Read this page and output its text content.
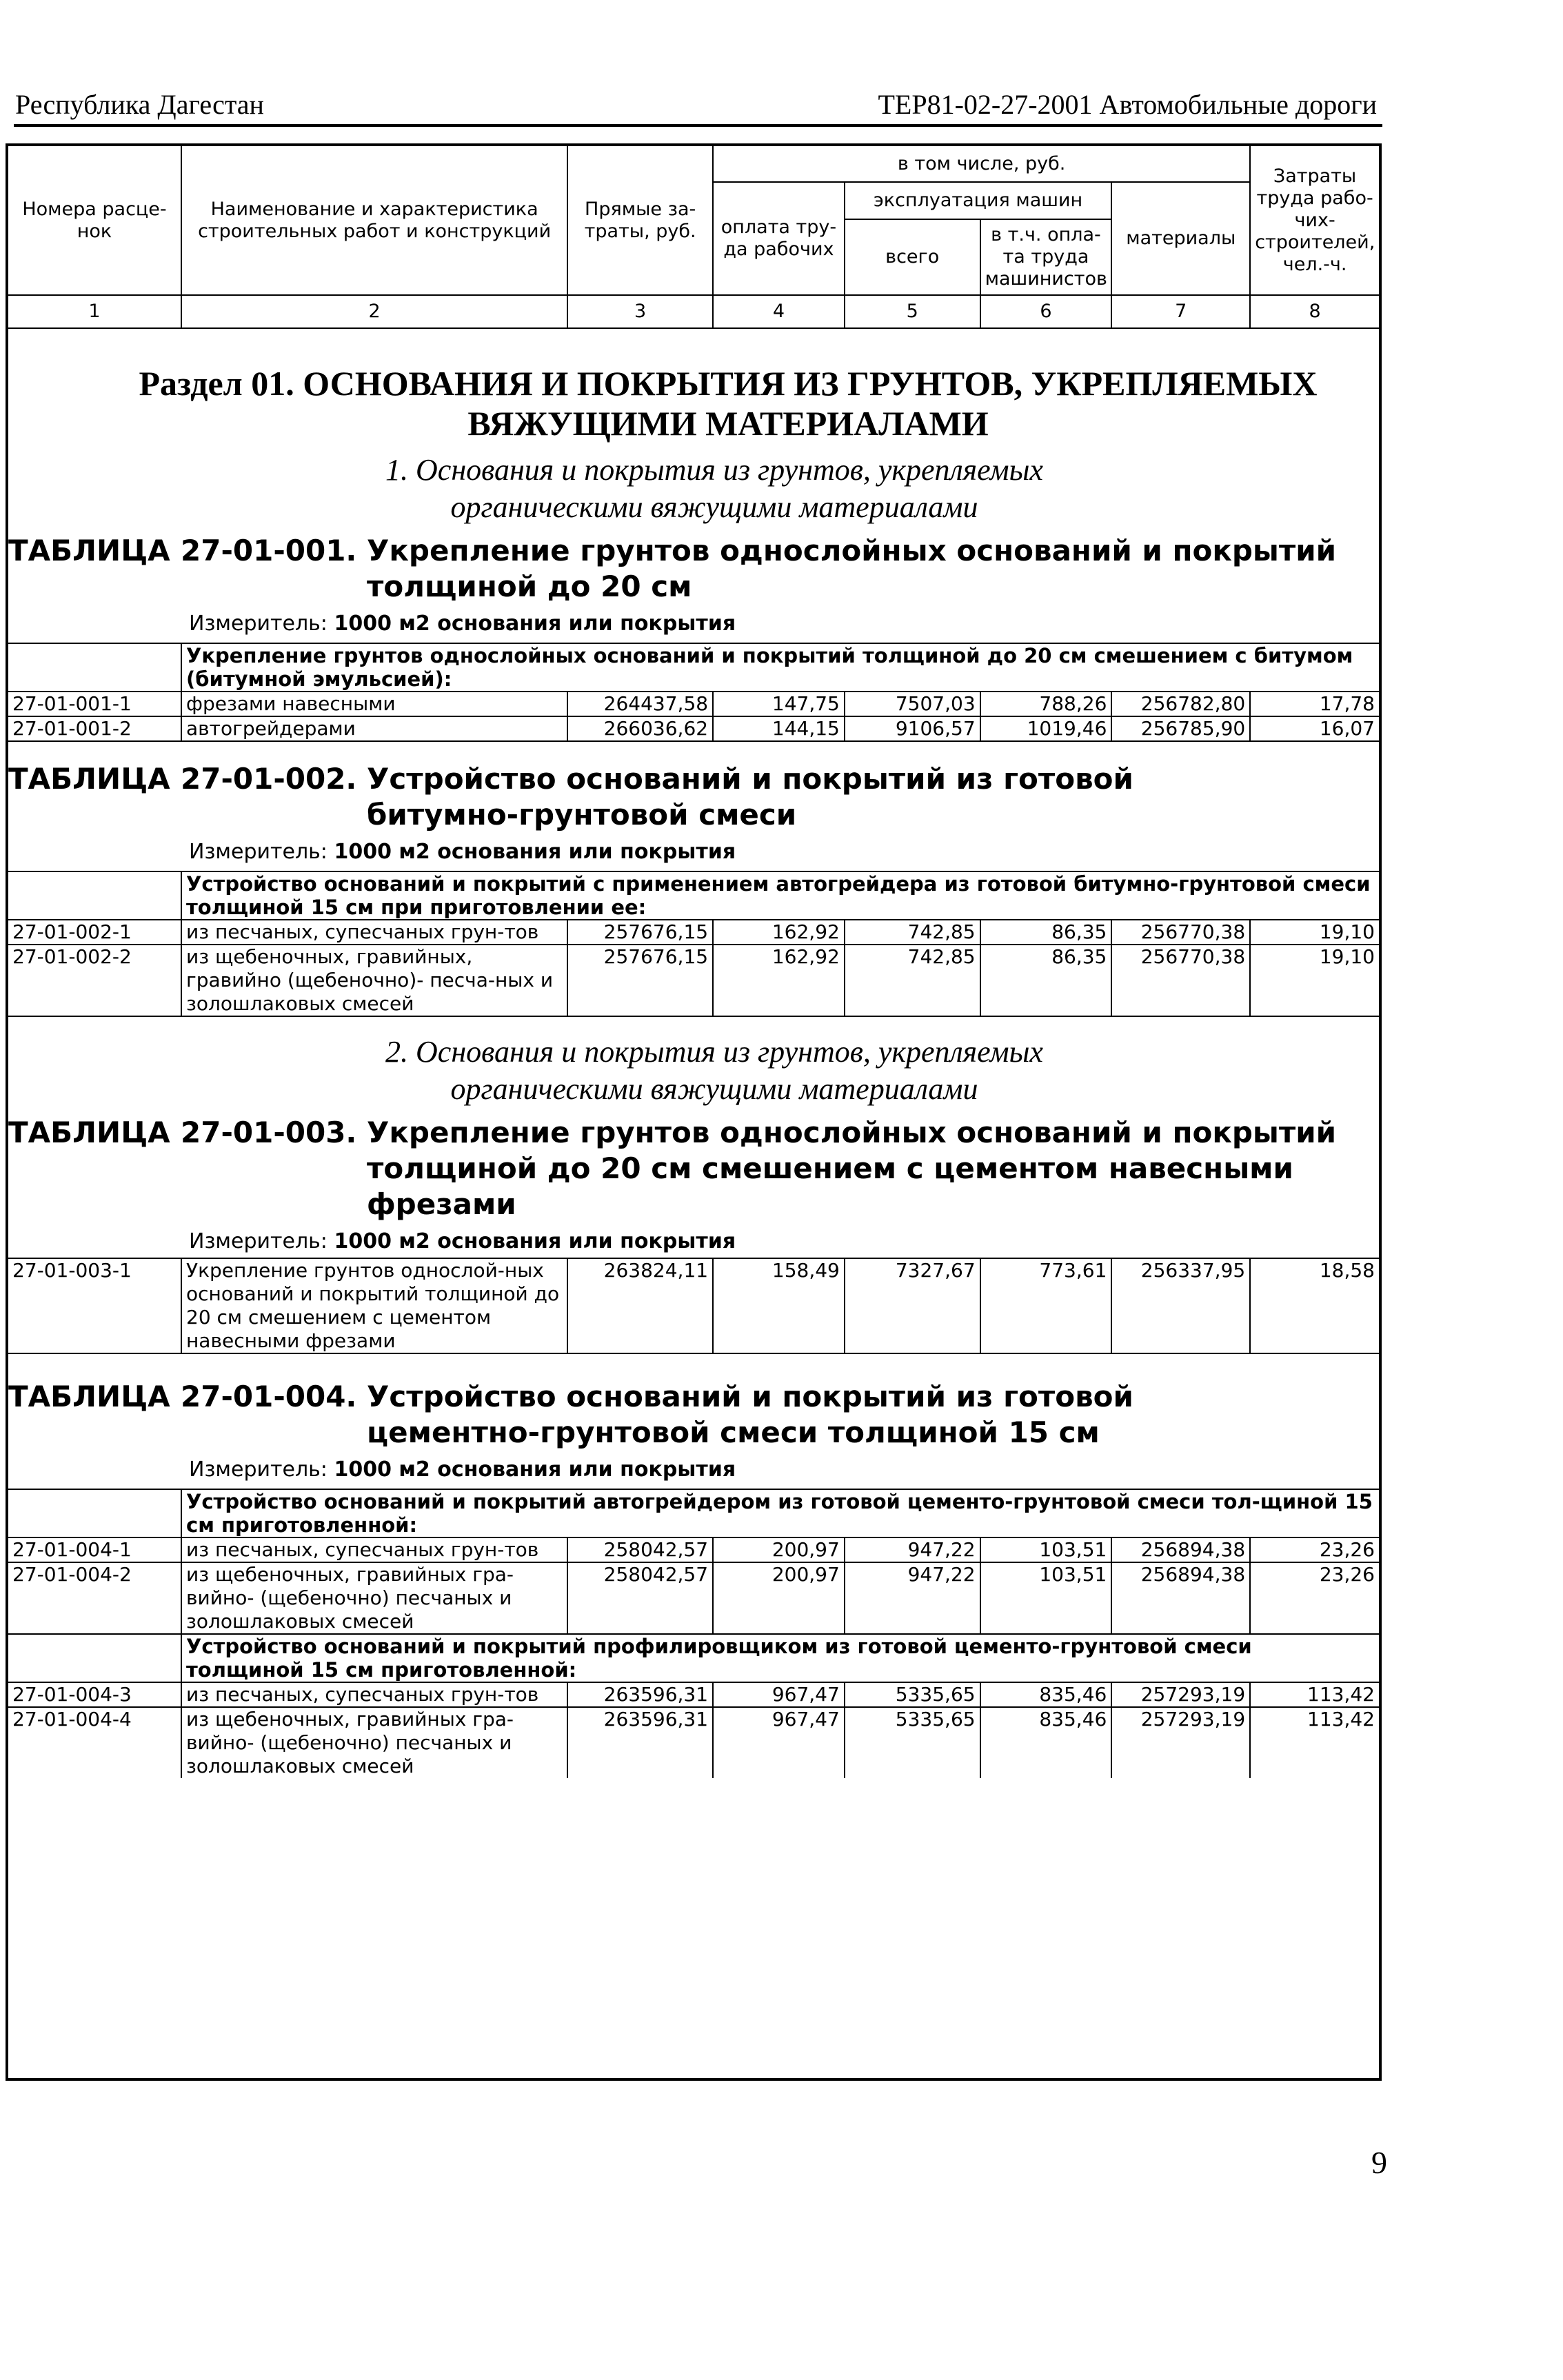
Республика Дагестан	ТЕР81-02-27-2001 Автомобильные дороги
Номера расце-нок	Наименование и характеристика строительных работ и конструкций	Прямые за-траты, руб.	в том числе, руб.				Затраты труда рабо-чих-строителей, чел.-ч.
			оплата тру-да рабочих	эксплуатация машин		материалы	
				всего	в т.ч. опла-та труда машинистов		
1	2	3	4	5	6	7	8

Раздел 01. ОСНОВАНИЯ И ПОКРЫТИЯ ИЗ ГРУНТОВ, УКРЕПЛЯЕМЫХ

ВЯЖУЩИМИ МАТЕРИАЛАМИ

1. Основания и покрытия из грунтов, укрепляемых

органическими вяжущими материалами

ТАБЛИЦА 27-01-001. Укрепление грунтов однослойных оснований и покрытий
толщиной до 20 см
Измеритель: 1000 м2 основания или покрытия
	Укрепление грунтов однослойных оснований и покрытий толщиной до 20 см смешением с битумом (битумной эмульсией):						
27-01-001-1	фрезами навесными	264437,58	147,75	7507,03	788,26	256782,80	17,78
27-01-001-2	автогрейдерами	266036,62	144,15	9106,57	1019,46	256785,90	16,07
ТАБЛИЦА 27-01-002. Устройство оснований и покрытий из готовой
битумно-грунтовой смеси
Измеритель: 1000 м2 основания или покрытия
	Устройство оснований и покрытий с применением автогрейдера из готовой битумно-грунтовой смеси толщиной 15 см при приготовлении ее:						
27-01-002-1	из песчаных, супесчаных грун-тов	257676,15	162,92	742,85	86,35	256770,38	19,10
27-01-002-2	из щебеночных, гравийных, гравийно (щебеночно)- песча-ных и золошлаковых смесей	257676,15	162,92	742,85	86,35	256770,38	19,10

2. Основания и покрытия из грунтов, укрепляемых

органическими вяжущими материалами

ТАБЛИЦА 27-01-003. Укрепление грунтов однослойных оснований и покрытий
толщиной до 20 см смешением с цементом навесными
фрезами
Измеритель: 1000 м2 основания или покрытия
27-01-003-1	Укрепление грунтов однослой-ных оснований и покрытий толщиной до 20 см смешением с цементом навесными фрезами	263824,11	158,49	7327,67	773,61	256337,95	18,58
ТАБЛИЦА 27-01-004. Устройство оснований и покрытий из готовой
цементно-грунтовой смеси толщиной 15 см
Измеритель: 1000 м2 основания или покрытия
	Устройство оснований и покрытий автогрейдером из готовой цементо-грунтовой смеси тол-щиной 15 см приготовленной:						
27-01-004-1	из песчаных, супесчаных грун-тов	258042,57	200,97	947,22	103,51	256894,38	23,26
27-01-004-2	из щебеночных, гравийных гра-вийно- (щебеночно) песчаных и золошлаковых смесей	258042,57	200,97	947,22	103,51	256894,38	23,26
	Устройство оснований и покрытий профилировщиком из готовой цементо-грунтовой смеси толщиной 15 см приготовленной:						
27-01-004-3	из песчаных, супесчаных грун-тов	263596,31	967,47	5335,65	835,46	257293,19	113,42
27-01-004-4	из щебеночных, гравийных гра-вийно- (щебеночно) песчаных и золошлаковых смесей	263596,31	967,47	5335,65	835,46	257293,19	113,42
9
